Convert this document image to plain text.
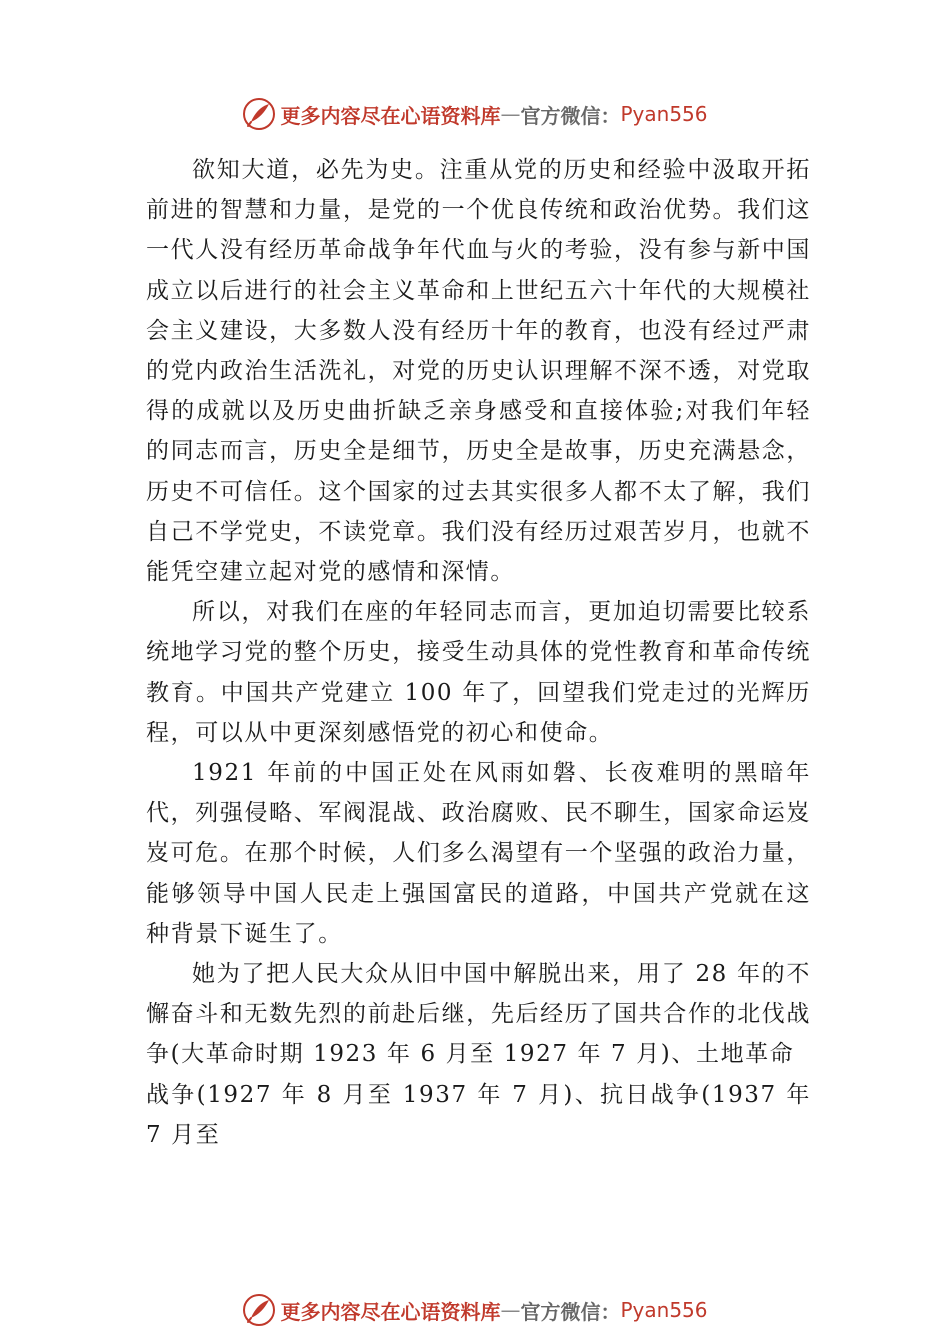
更多内容尽在心语资料库 — 官方微信： Pyan556

欲知大道，必先为史。注重从党的历史和经验中汲取开拓前进的智慧和力量，是党的一个优良传统和政治优势。我们这一代人没有经历革命战争年代血与火的考验，没有参与新中国成立以后进行的社会主义革命和上世纪五六十年代的大规模社会主义建设，大多数人没有经历十年的教育，也没有经过严肃的党内政治生活洗礼，对党的历史认识理解不深不透，对党取得的成就以及历史曲折缺乏亲身感受和直接体验;对我们年轻的同志而言，历史全是细节，历史全是故事，历史充满悬念，历史不可信任。这个国家的过去其实很多人都不太了解，我们自己不学党史，不读党章。我们没有经历过艰苦岁月，也就不能凭空建立起对党的感情和深情。

所以，对我们在座的年轻同志而言，更加迫切需要比较系统地学习党的整个历史，接受生动具体的党性教育和革命传统教育。中国共产党建立 100 年了，回望我们党走过的光辉历程，可以从中更深刻感悟党的初心和使命。

1921 年前的中国正处在风雨如磐、长夜难明的黑暗年代，列强侵略、军阀混战、政治腐败、民不聊生，国家命运岌岌可危。在那个时候，人们多么渴望有一个坚强的政治力量， 能够领导中国人民走上强国富民的道路，中国共产党就在这 种背景下诞生了。

她为了把人民大众从旧中国中解脱出来，用了 28 年的不懈奋斗和无数先烈的前赴后继，先后经历了国共合作的北伐战争(大革命时期 1923 年 6 月至 1927 年 7 月)、土地革命

战争(1927 年 8 月至 1937 年 7 月)、抗日战争(1937 年 7 月至

更多内容尽在心语资料库 — 官方微信： Pyan556
